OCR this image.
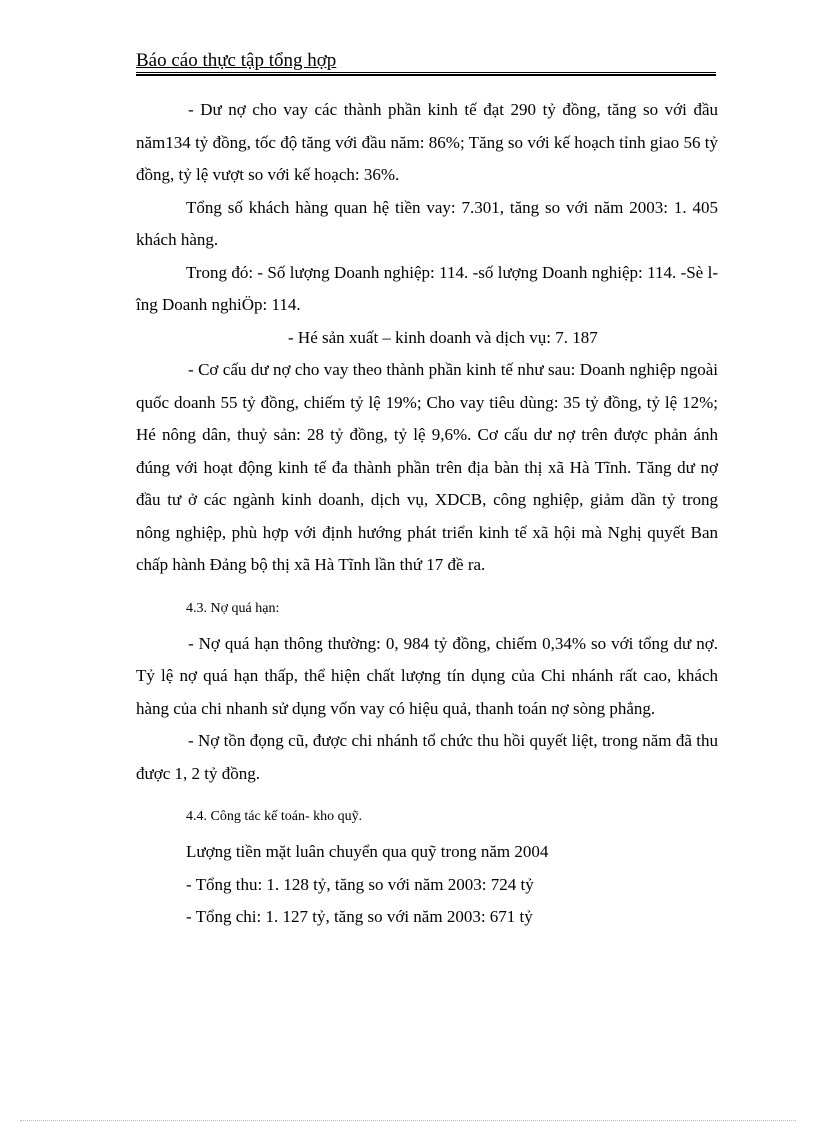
Báo cáo thực tập tổng hợp

- Dư nợ cho vay các thành phần kinh tế đạt 290 tỷ đồng, tăng so với đầu năm134 tỷ đồng, tốc độ tăng với đầu năm: 86%; Tăng so với kế hoạch tỉnh giao 56 tỷ đồng, tỷ lệ vượt so với kế hoạch: 36%.

Tổng số khách hàng quan hệ tiền vay: 7.301, tăng so với năm 2003: 1. 405 khách hàng.

Trong đó: - Số lượng Doanh nghiệp: 114. -số lượng Doanh nghiệp: 114. -Sè lîng Doanh nghiÖp: 114.

- Hé sản xuất – kinh doanh và dịch vụ: 7. 187

- Cơ cấu dư nợ cho vay theo thành phần kinh tế như sau: Doanh nghiệp ngoài quốc doanh 55 tỷ đồng, chiếm tỷ lệ 19%; Cho vay tiêu dùng: 35 tỷ đồng, tỷ lệ 12%; Hé nông dân, thuỷ sản: 28 tỷ đồng, tỷ lệ 9,6%. Cơ cấu dư nợ trên được phản ánh đúng với hoạt động kinh tế đa thành phần trên địa bàn thị xã Hà Tĩnh. Tăng dư nợ đầu tư ở các ngành kinh doanh, dịch vụ, XDCB, công nghiệp, giảm dần tỷ trong nông nghiệp, phù hợp với định hướng phát triển kinh tế xã hội mà Nghị quyết Ban chấp hành Đảng bộ thị xã Hà Tĩnh lần thứ 17 đề ra.

4.3. Nợ quá hạn:

- Nợ quá hạn thông thường: 0, 984 tỷ đồng, chiếm 0,34% so với tổng dư nợ. Tỷ lệ nợ quá hạn thấp, thể hiện chất lượng tín dụng của Chi nhánh rất cao, khách hàng của chi nhanh sử dụng vốn vay có hiệu quả, thanh toán nợ sòng phẳng.

- Nợ tồn đọng cũ, được chi nhánh tổ chức thu hồi quyết liệt, trong năm đã thu được 1, 2 tỷ đồng.

4.4. Công tác kế toán- kho quỹ.

Lượng tiền mặt luân chuyển qua quỹ trong năm 2004

- Tổng thu: 1. 128 tỷ, tăng so với năm 2003: 724 tỷ

- Tổng chi: 1. 127 tỷ, tăng so với năm 2003: 671 tỷ
